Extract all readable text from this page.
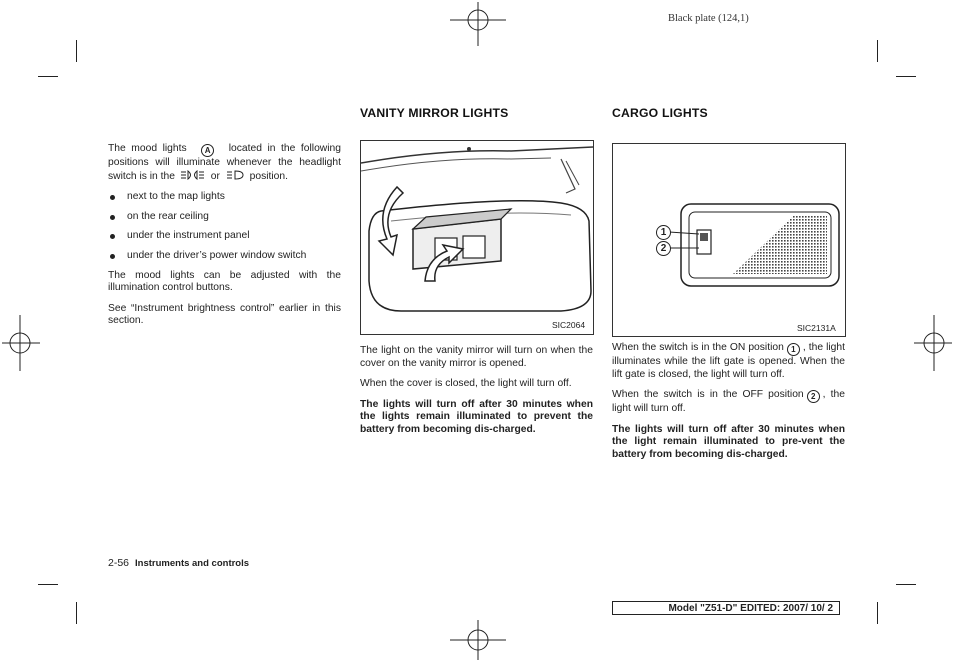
Black plate (124,1)

The mood lights A located in the following positions will illuminate whenever the headlight switch is in the	or	position.

next to the map lights
on the rear ceiling
under the instrument panel
under the driver’s power window switch

The mood lights can be adjusted with the illumination control buttons.

See “Instrument brightness control” earlier in this section.

VANITY MIRROR LIGHTS
SIC2064

The light on the vanity mirror will turn on when the cover on the vanity mirror is opened.

When the cover is closed, the light will turn off.

The lights will turn off after 30 minutes when the lights remain illuminated to prevent the battery from becoming dis-charged.

CARGO LIGHTS
1
2
SIC2131A

When the switch is in the ON position 1 , the light illuminates while the lift gate is opened. When the lift gate is closed, the light will turn off.

When the switch is in the OFF position 2 , the light will turn off.

The lights will turn off after 30 minutes when the light remain illuminated to pre-vent the battery from becoming dis-charged.

2-56 Instruments and controls
Model "Z51-D" EDITED: 2007/ 10/ 2
